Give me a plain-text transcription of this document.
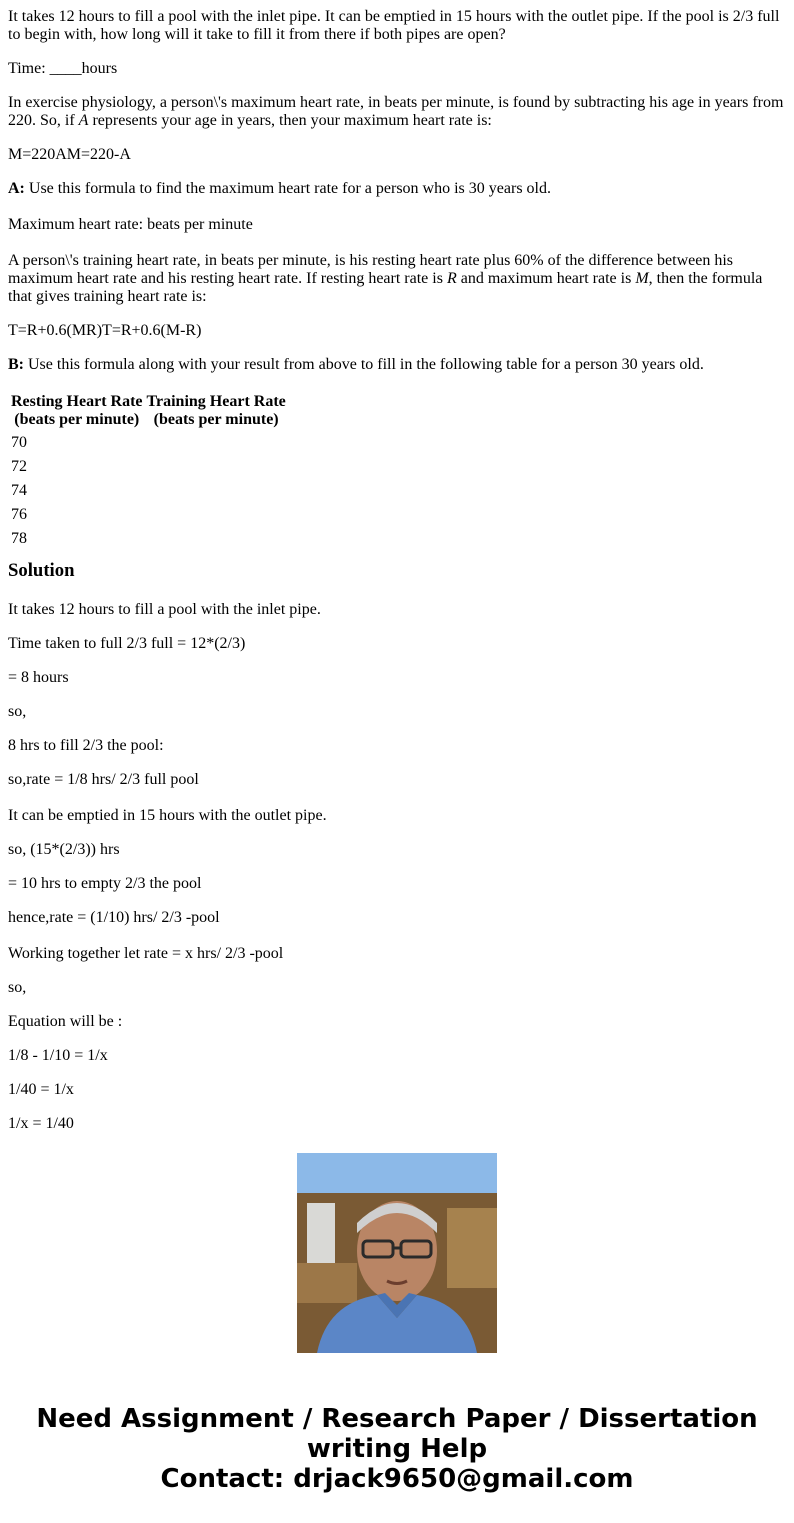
It takes 12 hours to fill a pool with the inlet pipe. It can be emptied in 15 hours with the outlet pipe. If the pool is 2/3 full to begin with, how long will it take to fill it from there if both pipes are open?

Time: ____hours

In exercise physiology, a person\'s maximum heart rate, in beats per minute, is found by subtracting his age in years from 220. So, if A represents your age in years, then your maximum heart rate is:

M=220AM=220-A

A: Use this formula to find the maximum heart rate for a person who is 30 years old.

Maximum heart rate: beats per minute

A person\'s training heart rate, in beats per minute, is his resting heart rate plus 60% of the difference between his maximum heart rate and his resting heart rate. If resting heart rate is R and maximum heart rate is M, then the formula that gives training heart rate is:

T=R+0.6(MR)T=R+0.6(M-R)

B: Use this formula along with your result from above to fill in the following table for a person 30 years old.

Resting Heart Rate
(beats per minute)	Training Heart Rate
(beats per minute)
70	
72	
74	
76	
78	
Solution

It takes 12 hours to fill a pool with the inlet pipe.

Time taken to full 2/3 full = 12*(2/3)

= 8 hours

so,

8 hrs to fill 2/3 the pool:

so,rate = 1/8 hrs/ 2/3 full pool

It can be emptied in 15 hours with the outlet pipe.

so, (15*(2/3)) hrs

= 10 hrs to empty 2/3 the pool

hence,rate = (1/10) hrs/ 2/3 -pool

Working together let rate = x hrs/ 2/3 -pool

so,

Equation will be :

1/8 - 1/10 = 1/x

1/40 = 1/x

1/x = 1/40

Need Assignment / Research Paper / Dissertation
writing Help
Contact: drjack9650@gmail.com
